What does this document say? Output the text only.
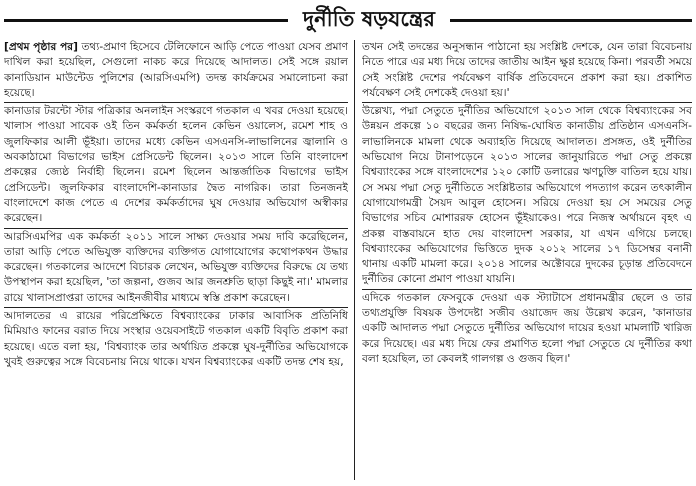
দুর্নীতি ষড়যন্ত্রের

[প্রথম পৃষ্ঠার পর] তথ্য-প্রমাণ হিসেবে টেলিফোনে আড়ি পেতে পাওয়া যেসব প্রমাণ দাখিল করা হয়েছিল, সেগুলো নাকচ করে দিয়েছে আদালত। সেই সঙ্গে রয়াল কানাডিয়ান মাউন্টেড পুলিশের (আরসিএমপি) তদন্ত কার্যক্রমের সমালোচনা করা হয়েছে।

কানাডার টরন্টো স্টার পত্রিকার অনলাইন সংস্করণে গতকাল এ খবর দেওয়া হয়েছে। খালাস পাওয়া সাবেক ওই তিন কর্মকর্তা হলেন কেভিন ওয়ালেস, রমেশ শাহ ও জুলফিকার আলী ভূঁইয়া। তাদের মধ্যে কেভিন এসএনসি-লাভালিনের জ্বালানি ও অবকাঠামো বিভাগের ভাইস প্রেসিডেন্ট ছিলেন। ২০১৩ সালে তিনি বাংলাদেশ প্রকল্পের জ্যেষ্ঠ নির্বাহী ছিলেন। রমেশ ছিলেন আন্তর্জাতিক বিভাগের ভাইস প্রেসিডেন্ট। জুলফিকার বাংলাদেশি-কানাডার দ্বৈত নাগরিক। তারা তিনজনই বাংলাদেশে কাজ পেতে এ দেশের কর্মকর্তাদের ঘুষ দেওয়ার অভিযোগ অস্বীকার করেছেন।

আরসিএমপির এক কর্মকর্তা ২০১১ সালে সাক্ষ্য দেওয়ার সময় দাবি করেছিলেন, তারা আড়ি পেতে অভিযুক্ত ব্যক্তিদের ব্যক্তিগত যোগাযোগের কথোপকথন উদ্ধার করেছেন। গতকালের আদেশে বিচারক লেখেন, অভিযুক্ত ব্যক্তিদের বিরুদ্ধে যে তথ্য উপস্থাপন করা হয়েছিল, 'তা জল্পনা, গুজব আর জনশ্রুতি ছাড়া কিছুই না।' মামলার রায়ে খালাসপ্রাপ্তরা তাদের আইনজীবীর মাধ্যমে স্বস্তি প্রকাশ করেছেন।

আদালতের এ রায়ের পরিপ্রেক্ষিতে বিশ্বব্যাংকের ঢাকার আবাসিক প্রতিনিধি মিমিয়াও ফানের বরাত দিয়ে সংস্থার ওয়েবসাইটে গতকাল একটি বিবৃতি প্রকাশ করা হয়েছে। এতে বলা হয়, 'বিশ্বব্যাংক তার অর্থায়িত প্রকল্পে ঘুষ-দুর্নীতির অভিযোগকে খুবই গুরুত্বের সঙ্গে বিবেচনায় নিয়ে থাকে। যখন বিশ্বব্যাংকের একটি তদন্ত শেষ হয়,

তখন সেই তদন্তের অনুসন্ধান পাঠানো হয় সংশ্লিষ্ট দেশকে, যেন তারা বিবেচনায় নিতে পারে এর মধ্য দিয়ে তাদের জাতীয় আইন ক্ষুণ্ণ হয়েছে কিনা। পরবর্তী সময়ে সেই সংশ্লিষ্ট দেশের পর্যবেক্ষণ বার্ষিক প্রতিবেদনে প্রকাশ করা হয়। প্রকাশিত পর্যবেক্ষণ সেই দেশকেই দেওয়া হয়।'

উল্লেখ্য, পদ্মা সেতুতে দুর্নীতির অভিযোগে ২০১৩ সাল থেকে বিশ্বব্যাংকের সব উন্নয়ন প্রকল্পে ১০ বছরের জন্য নিষিদ্ধ-ঘোষিত কানাডীয় প্রতিষ্ঠান এসএনসি-লাভালিনকে মামলা থেকে অব্যাহতি দিয়েছে আদালত। প্রসঙ্গত, ওই দুর্নীতির অভিযোগ নিয়ে টানাপড়েনে ২০১৩ সালের জানুয়ারিতে পদ্মা সেতু প্রকল্পে বিশ্বব্যাংকের সঙ্গে বাংলাদেশের ১২০ কোটি ডলারের ঋণচুক্তি বাতিল হয়ে যায়। সে সময় পদ্মা সেতু দুর্নীতিতে সংশ্লিষ্টতার অভিযোগে পদত্যাগ করেন তৎকালীন যোগাযোগমন্ত্রী সৈয়দ আবুল হোসেন। সরিয়ে দেওয়া হয় সে সময়ের সেতু বিভাগের সচিব মোশাররফ হোসেন ভূঁইয়াকেও। পরে নিজস্ব অর্থায়নে বৃহৎ এ প্রকল্প বাস্তবায়নে হাত দেয় বাংলাদেশ সরকার, যা এখন এগিয়ে চলছে। বিশ্বব্যাংকের অভিযোগের ভিত্তিতে দুদক ২০১২ সালের ১৭ ডিসেম্বর বনানী থানায় একটি মামলা করে। ২০১৪ সালের অক্টোবরে দুদকের চূড়ান্ত প্রতিবেদনে দুর্নীতির কোনো প্রমাণ পাওয়া যায়নি।

এদিকে গতকাল ফেসবুকে দেওয়া এক স্ট্যাটাসে প্রধানমন্ত্রীর ছেলে ও তার তথ্যপ্রযুক্তি বিষয়ক উপদেষ্টা সজীব ওয়াজেদ জয় উল্লেখ করেন, 'কানাডার একটি আদালত পদ্মা সেতুতে দুর্নীতির অভিযোগ দায়ের হওয়া মামলাটি খারিজ করে দিয়েছে। এর মধ্য দিয়ে ফের প্রমাণিত হলো পদ্মা সেতুতে যে দুর্নীতির কথা বলা হয়েছিল, তা কেবলই গালগল্প ও গুজব ছিল।'
